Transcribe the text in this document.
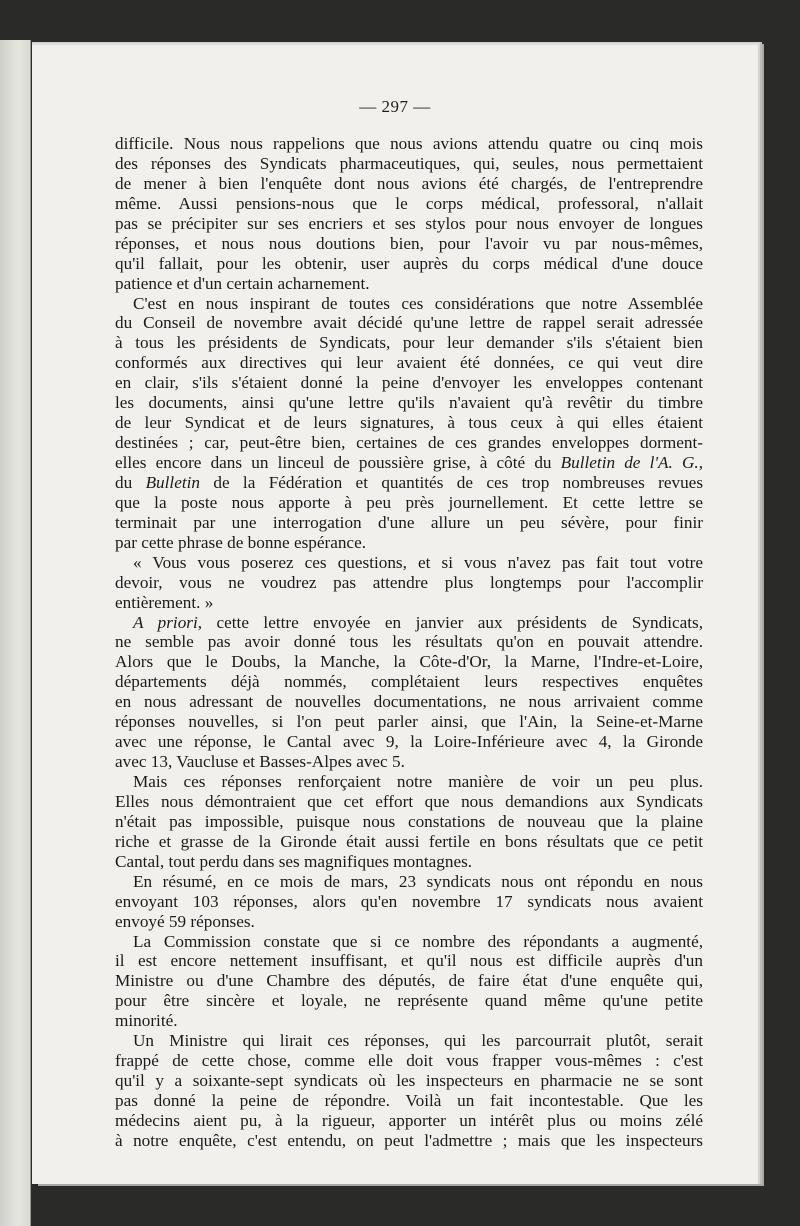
— 297 —
difficile. Nous nous rappelions que nous avions attendu quatre ou cinq mois
des réponses des Syndicats pharmaceutiques, qui, seules, nous permettaient
de mener à bien l'enquête dont nous avions été chargés, de l'entreprendre
même. Aussi pensions-nous que le corps médical, professoral, n'allait
pas se précipiter sur ses encriers et ses stylos pour nous envoyer de longues
réponses, et nous nous doutions bien, pour l'avoir vu par nous-mêmes,
qu'il fallait, pour les obtenir, user auprès du corps médical d'une douce
patience et d'un certain acharnement.
C'est en nous inspirant de toutes ces considérations que notre Assemblée
du Conseil de novembre avait décidé qu'une lettre de rappel serait adressée
à tous les présidents de Syndicats, pour leur demander s'ils s'étaient bien
conformés aux directives qui leur avaient été données, ce qui veut dire
en clair, s'ils s'étaient donné la peine d'envoyer les enveloppes contenant
les documents, ainsi qu'une lettre qu'ils n'avaient qu'à revêtir du timbre
de leur Syndicat et de leurs signatures, à tous ceux à qui elles étaient
destinées ; car, peut-être bien, certaines de ces grandes enveloppes dorment-
elles encore dans un linceul de poussière grise, à côté du Bulletin de l'A. G.,
du Bulletin de la Fédération et quantités de ces trop nombreuses revues
que la poste nous apporte à peu près journellement. Et cette lettre se
terminait par une interrogation d'une allure un peu sévère, pour finir
par cette phrase de bonne espérance.
« Vous vous poserez ces questions, et si vous n'avez pas fait tout votre
devoir, vous ne voudrez pas attendre plus longtemps pour l'accomplir
entièrement. »
A priori, cette lettre envoyée en janvier aux présidents de Syndicats,
ne semble pas avoir donné tous les résultats qu'on en pouvait attendre.
Alors que le Doubs, la Manche, la Côte-d'Or, la Marne, l'Indre-et-Loire,
départements déjà nommés, complétaient leurs respectives enquêtes
en nous adressant de nouvelles documentations, ne nous arrivaient comme
réponses nouvelles, si l'on peut parler ainsi, que l'Ain, la Seine-et-Marne
avec une réponse, le Cantal avec 9, la Loire-Inférieure avec 4, la Gironde
avec 13, Vaucluse et Basses-Alpes avec 5.
Mais ces réponses renforçaient notre manière de voir un peu plus.
Elles nous démontraient que cet effort que nous demandions aux Syndicats
n'était pas impossible, puisque nous constations de nouveau que la plaine
riche et grasse de la Gironde était aussi fertile en bons résultats que ce petit
Cantal, tout perdu dans ses magnifiques montagnes.
En résumé, en ce mois de mars, 23 syndicats nous ont répondu en nous
envoyant 103 réponses, alors qu'en novembre 17 syndicats nous avaient
envoyé 59 réponses.
La Commission constate que si ce nombre des répondants a augmenté,
il est encore nettement insuffisant, et qu'il nous est difficile auprès d'un
Ministre ou d'une Chambre des députés, de faire état d'une enquête qui,
pour être sincère et loyale, ne représente quand même qu'une petite
minorité.
Un Ministre qui lirait ces réponses, qui les parcourrait plutôt, serait
frappé de cette chose, comme elle doit vous frapper vous-mêmes : c'est
qu'il y a soixante-sept syndicats où les inspecteurs en pharmacie ne se sont
pas donné la peine de répondre. Voilà un fait incontestable. Que les
médecins aient pu, à la rigueur, apporter un intérêt plus ou moins zélé
à notre enquête, c'est entendu, on peut l'admettre ; mais que les inspecteurs
